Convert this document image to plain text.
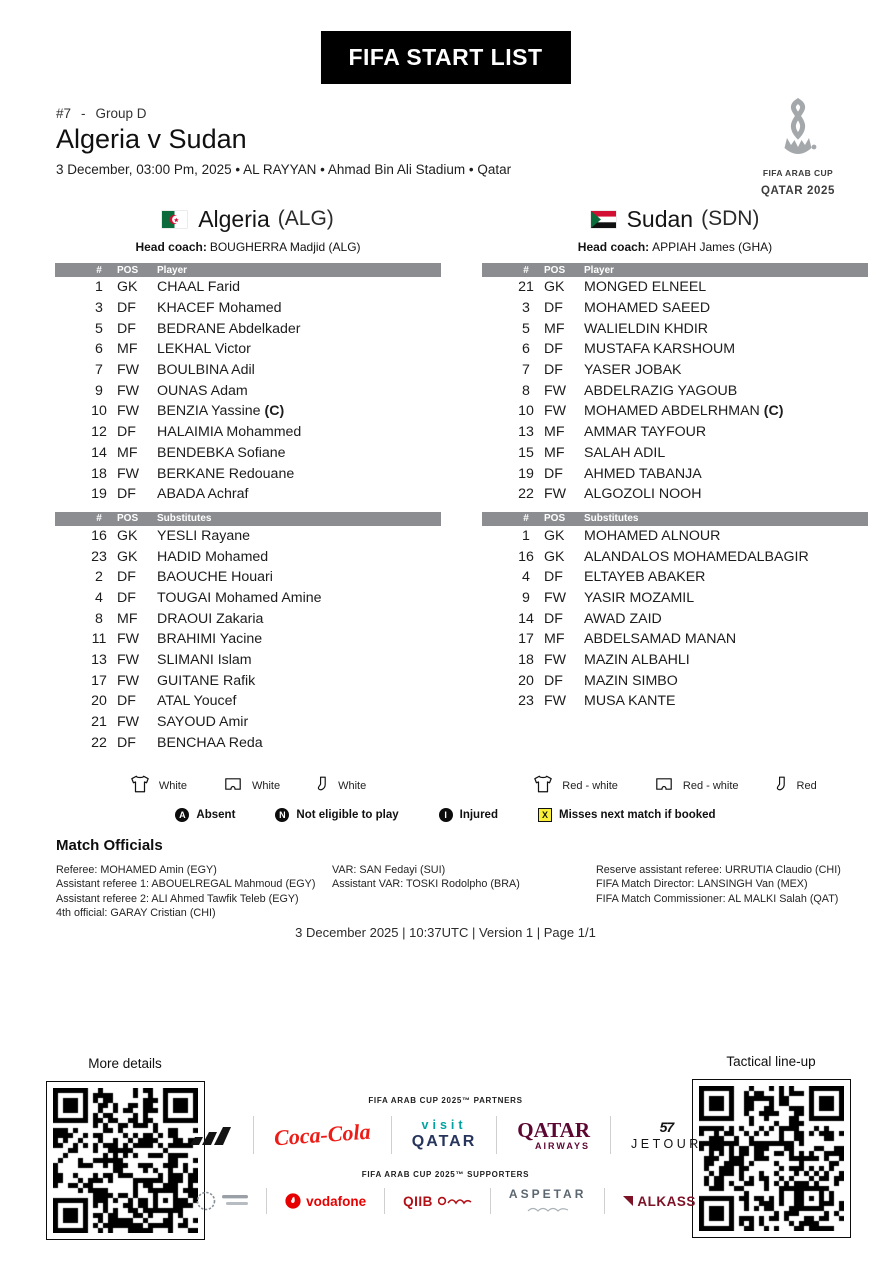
FIFA START LIST
#7 - Group D
Algeria v Sudan
3 December, 03:00 Pm, 2025 • AL RAYYAN • Ahmad Bin Ali Stadium • Qatar	FIFA ARAB CUP
QATAR 2025
Algeria (ALG)
Head coach: BOUGHERRA Madjid (ALG)
#	POS	Player
1 GK	CHAAL Farid
3 DF	KHACEF Mohamed
5 DF	BEDRANE Abdelkader
6 MF	LEKHAL Victor
7 FW	BOULBINA Adil
9 FW	OUNAS Adam
10 FW	BENZIA Yassine (C)
12 DF	HALAIMIA Mohammed
14 MF	BENDEBKA Sofiane
18 FW	BERKANE Redouane
19 DF	ABADA Achraf
#	POS	Substitutes
16 GK	YESLI Rayane
23 GK	HADID Mohamed
2 DF	BAOUCHE Houari
4 DF	TOUGAI Mohamed Amine
8 MF	DRAOUI Zakaria
11 FW	BRAHIMI Yacine
13 FW	SLIMANI Islam
17 FW	GUITANE Rafik
20 DF	ATAL Youcef
21 FW	SAYOUD Amir
22 DF	BENCHAA Reda
White	White	White
Sudan (SDN)
Head coach: APPIAH James (GHA)
#	POS	Player
21 GK	MONGED ELNEEL
3 DF	MOHAMED SAEED
5 MF	WALIELDIN KHDIR
6 DF	MUSTAFA KARSHOUM
7 DF	YASER JOBAK
8 FW	ABDELRAZIG YAGOUB
10 FW	MOHAMED ABDELRHMAN (C)
13 MF	AMMAR TAYFOUR
15 MF	SALAH ADIL
19 DF	AHMED TABANJA
22 FW	ALGOZOLI NOOH
#	POS	Substitutes
1 GK	MOHAMED ALNOUR
16 GK	ALANDALOS MOHAMEDALBAGIR
4 DF	ELTAYEB ABAKER
9 FW	YASIR MOZAMIL
14 DF	AWAD ZAID
17 MF	ABDELSAMAD MANAN
18 FW	MAZIN ALBAHLI
20 DF	MAZIN SIMBO
23 FW	MUSA KANTE
Red - white	Red - white	Red
A Absent	N Not eligible to play	I	Injured	X Misses next match if booked
Match Officials
Referee: MOHAMED Amin (EGY)
Assistant referee 1: ABOUELREGAL Mahmoud (EGY)
Assistant referee 2: ALI Ahmed Tawfik Teleb (EGY)
4th official: GARAY Cristian (CHI)
VAR: SAN Fedayi (SUI)
Assistant VAR: TOSKI Rodolpho (BRA)
Reserve assistant referee: URRUTIA Claudio (CHI)
FIFA Match Director: LANSINGH Van (MEX)
FIFA Match Commissioner: AL MALKI Salah (QAT)
3 December 2025 | 10:37UTC | Version 1 | Page 1/1
More details	Tactical line-up
FIFA ARAB CUP 2025™ PARTNERS
Coca-Cola	visit
QATAR
QATAR
AIRWAYS
57
JETOUR
FIFA ARAB CUP 2025™ SUPPORTERS
vodafone	QIIB	ASPETAR	ALKASS
